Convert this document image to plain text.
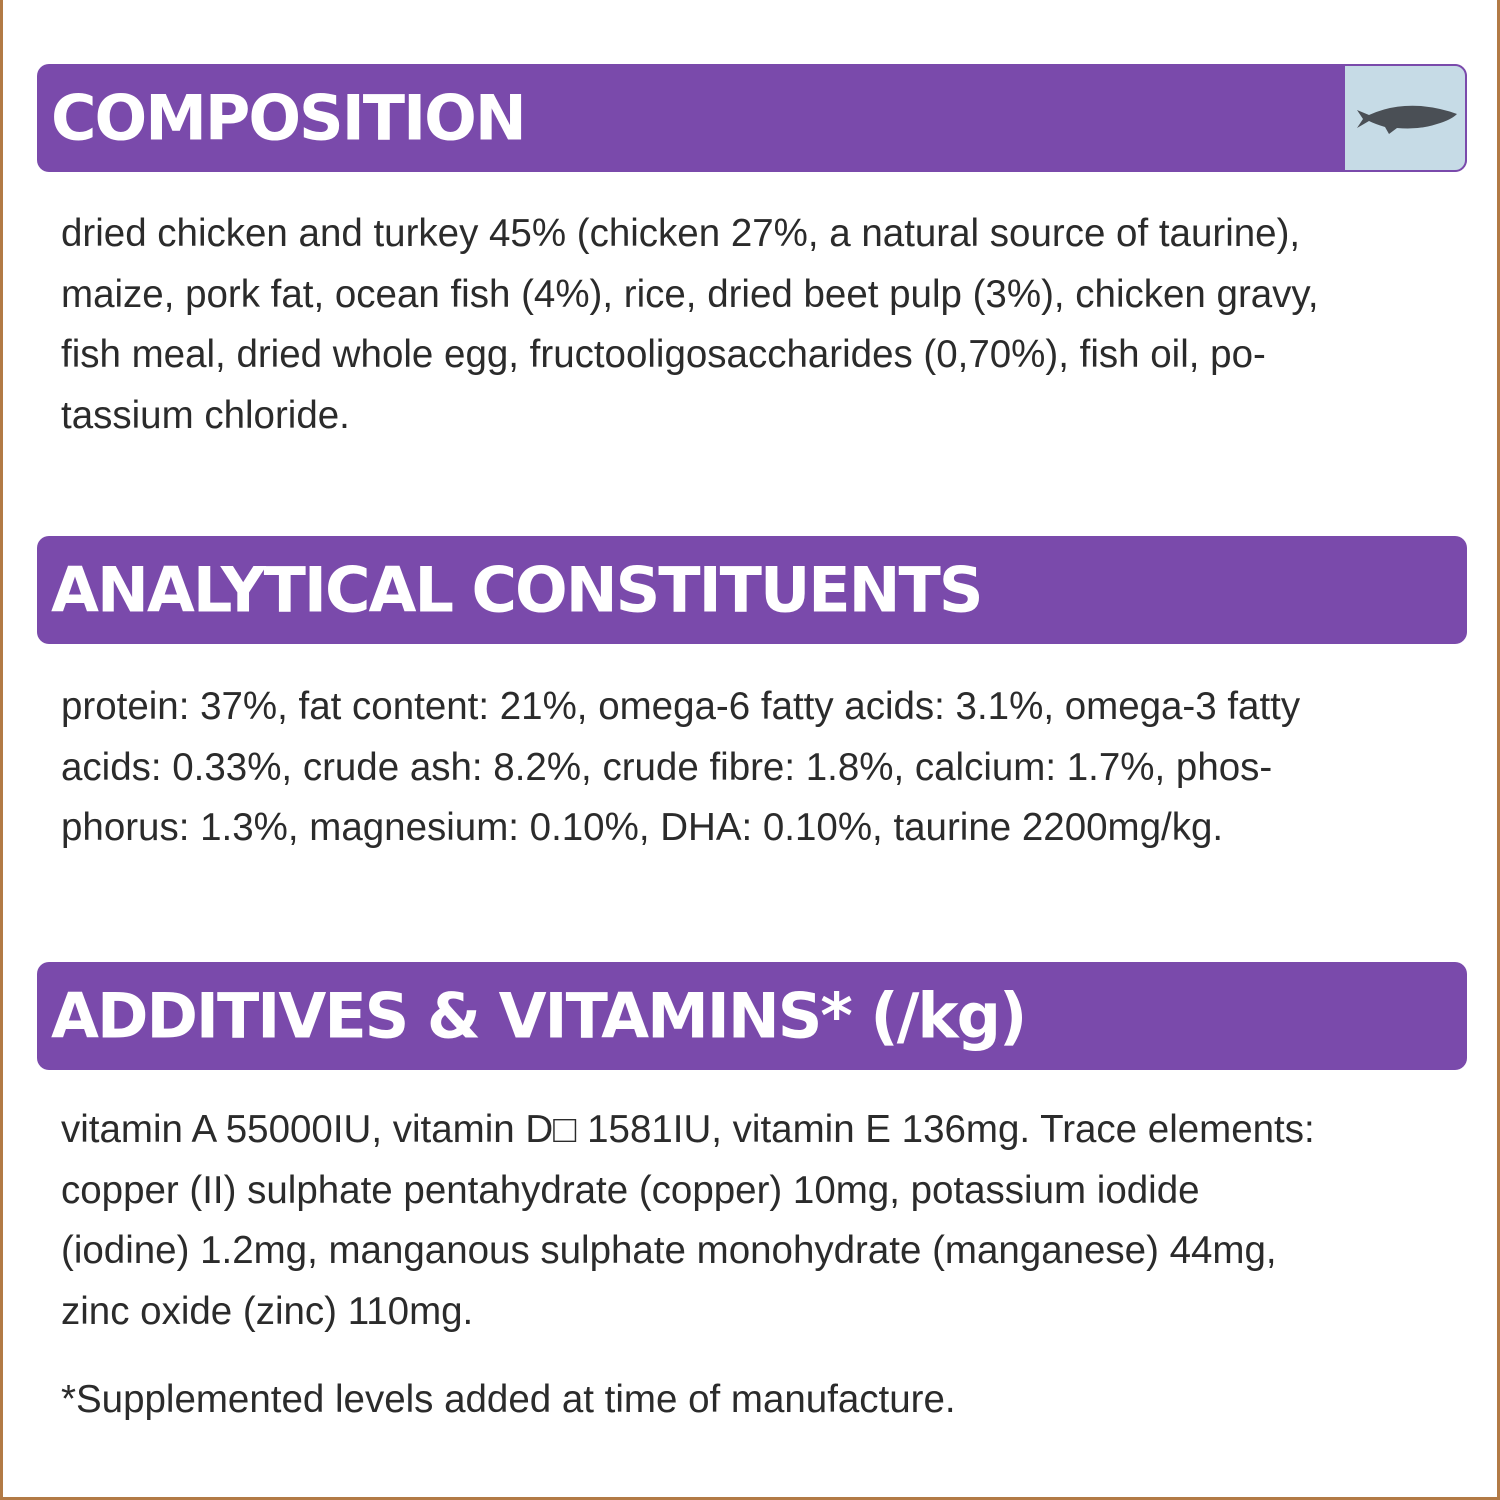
COMPOSITION
dried chicken and turkey 45% (chicken 27%, a natural source of taurine),
maize, pork fat, ocean fish (4%), rice, dried beet pulp (3%), chicken gravy,
fish meal, dried whole egg, fructooligosaccharides (0,70%), fish oil, po-
tassium chloride.
ANALYTICAL CONSTITUENTS
protein: 37%, fat content: 21%, omega-6 fatty acids: 3.1%, omega-3 fatty
acids: 0.33%, crude ash: 8.2%, crude fibre: 1.8%, calcium: 1.7%, phos-
phorus: 1.3%, magnesium: 0.10%, DHA: 0.10%, taurine 2200mg/kg.
ADDITIVES & VITAMINS* (/kg)
vitamin A 55000IU, vitamin D□ 1581IU, vitamin E 136mg. Trace elements:
copper (II) sulphate pentahydrate (copper) 10mg, potassium iodide
(iodine) 1.2mg, manganous sulphate monohydrate (manganese) 44mg,
zinc oxide (zinc) 110mg.
*Supplemented levels added at time of manufacture.
